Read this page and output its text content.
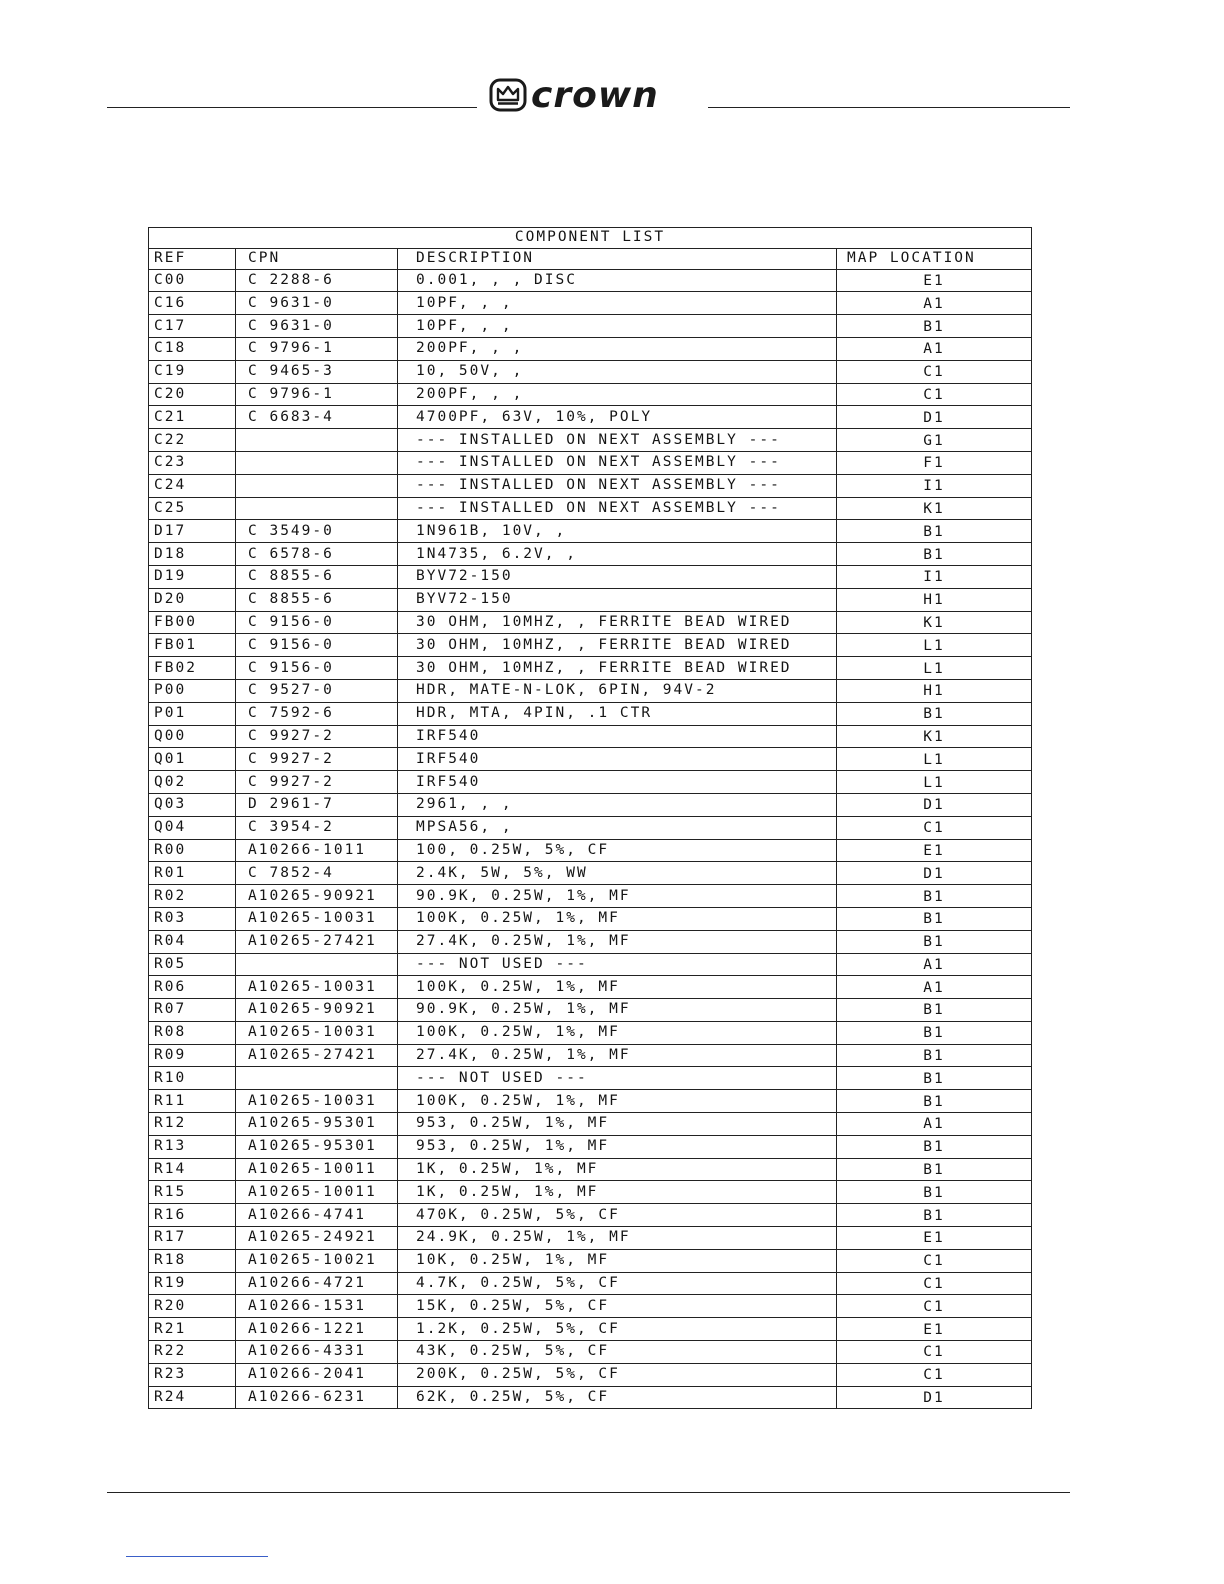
crown
COMPONENT LIST			
REF	CPN	DESCRIPTION	MAP LOCATION
C00	C 2288-6	0.001, , , DISC	E1
C16	C 9631-0	10PF, , ,	A1
C17	C 9631-0	10PF, , ,	B1
C18	C 9796-1	200PF, , ,	A1
C19	C 9465-3	10, 50V, ,	C1
C20	C 9796-1	200PF, , ,	C1
C21	C 6683-4	4700PF, 63V, 10%, POLY	D1
C22		--- INSTALLED ON NEXT ASSEMBLY ---	G1
C23		--- INSTALLED ON NEXT ASSEMBLY ---	F1
C24		--- INSTALLED ON NEXT ASSEMBLY ---	I1
C25		--- INSTALLED ON NEXT ASSEMBLY ---	K1
D17	C 3549-0	1N961B, 10V, ,	B1
D18	C 6578-6	1N4735, 6.2V, ,	B1
D19	C 8855-6	BYV72-150	I1
D20	C 8855-6	BYV72-150	H1
FB00	C 9156-0	30 OHM, 10MHZ, , FERRITE BEAD WIRED	K1
FB01	C 9156-0	30 OHM, 10MHZ, , FERRITE BEAD WIRED	L1
FB02	C 9156-0	30 OHM, 10MHZ, , FERRITE BEAD WIRED	L1
P00	C 9527-0	HDR, MATE-N-LOK, 6PIN, 94V-2	H1
P01	C 7592-6	HDR, MTA, 4PIN, .1 CTR	B1
Q00	C 9927-2	IRF540	K1
Q01	C 9927-2	IRF540	L1
Q02	C 9927-2	IRF540	L1
Q03	D 2961-7	2961, , ,	D1
Q04	C 3954-2	MPSA56, ,	C1
R00	A10266-1011	100, 0.25W, 5%, CF	E1
R01	C 7852-4	2.4K, 5W, 5%, WW	D1
R02	A10265-90921	90.9K, 0.25W, 1%, MF	B1
R03	A10265-10031	100K, 0.25W, 1%, MF	B1
R04	A10265-27421	27.4K, 0.25W, 1%, MF	B1
R05		--- NOT USED ---	A1
R06	A10265-10031	100K, 0.25W, 1%, MF	A1
R07	A10265-90921	90.9K, 0.25W, 1%, MF	B1
R08	A10265-10031	100K, 0.25W, 1%, MF	B1
R09	A10265-27421	27.4K, 0.25W, 1%, MF	B1
R10		--- NOT USED ---	B1
R11	A10265-10031	100K, 0.25W, 1%, MF	B1
R12	A10265-95301	953, 0.25W, 1%, MF	A1
R13	A10265-95301	953, 0.25W, 1%, MF	B1
R14	A10265-10011	1K, 0.25W, 1%, MF	B1
R15	A10265-10011	1K, 0.25W, 1%, MF	B1
R16	A10266-4741	470K, 0.25W, 5%, CF	B1
R17	A10265-24921	24.9K, 0.25W, 1%, MF	E1
R18	A10265-10021	10K, 0.25W, 1%, MF	C1
R19	A10266-4721	4.7K, 0.25W, 5%, CF	C1
R20	A10266-1531	15K, 0.25W, 5%, CF	C1
R21	A10266-1221	1.2K, 0.25W, 5%, CF	E1
R22	A10266-4331	43K, 0.25W, 5%, CF	C1
R23	A10266-2041	200K, 0.25W, 5%, CF	C1
R24	A10266-6231	62K, 0.25W, 5%, CF	D1
